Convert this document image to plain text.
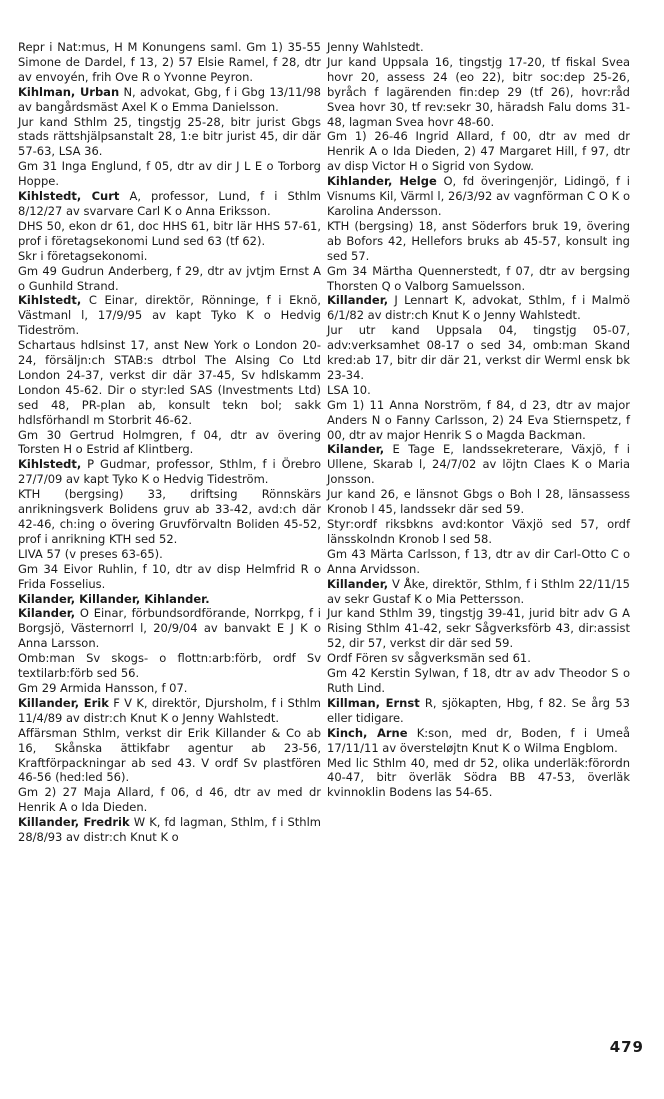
Repr i Nat:mus, H M Konungens saml. Gm 1) 35-55 Simone de Dardel, f 13, 2) 57 Elsie Ramel, f 28, dtr av envoyén, frih Ove R o Yvonne Peyron.

Kihlman, Urban N, advokat, Gbg, f i Gbg 13/11/98 av bangårdsmäst Axel K o Emma Danielsson.

Jur kand Sthlm 25, tingstjg 25-28, bitr jurist Gbgs stads rättshjälpsanstalt 28, 1:e bitr jurist 45, dir där 57-63, LSA 36.

Gm 31 Inga Englund, f 05, dtr av dir J L E o Torborg Hoppe.

Kihlstedt, Curt A, professor, Lund, f i Sthlm 8/12/27 av svarvare Carl K o Anna Eriksson.

DHS 50, ekon dr 61, doc HHS 61, bitr lär HHS 57-61, prof i företagsekonomi Lund sed 63 (tf 62).

Skr i företagsekonomi.

Gm 49 Gudrun Anderberg, f 29, dtr av jvtjm Ernst A o Gunhild Strand.

Kihlstedt, C Einar, direktör, Rönninge, f i Eknö, Västmanl l, 17/9/95 av kapt Tyko K o Hedvig Tideström.

Schartaus hdlsinst 17, anst New York o London 20-24, försäljn:ch STAB:s dtrbol The Alsing Co Ltd London 24-37, verkst dir där 37-45, Sv hdlskamm London 45-62. Dir o styr:led SAS (Investments Ltd) sed 48, PR-plan ab, konsult tekn bol; sakk hdlsförhandl m Storbrit 46-62.

Gm 30 Gertrud Holmgren, f 04, dtr av övering Torsten H o Estrid af Klintberg.

Kihlstedt, P Gudmar, professor, Sthlm, f i Örebro 27/7/09 av kapt Tyko K o Hedvig Tideström.

KTH (bergsing) 33, driftsing Rönnskärs anrikningsverk Bolidens gruv ab 33-42, avd:ch där 42-46, ch:ing o övering Gruvförvaltn Boliden 45-52, prof i anrikning KTH sed 52.

LIVA 57 (v preses 63-65).

Gm 34 Eivor Ruhlin, f 10, dtr av disp Helmfrid R o Frida Fosselius.

Kilander, Killander, Kihlander.

Kilander, O Einar, förbundsordförande, Norrkpg, f i Borgsjö, Västernorrl l, 20/9/04 av banvakt E J K o Anna Larsson.

Omb:man Sv skogs- o flottn:arb:förb, ordf Sv textilarb:förb sed 56.

Gm 29 Armida Hansson, f 07.

Killander, Erik F V K, direktör, Djursholm, f i Sthlm 11/4/89 av distr:ch Knut K o Jenny Wahlstedt.

Affärsman Sthlm, verkst dir Erik Killander & Co ab 16, Skånska ättikfabr agentur ab 23-56, Kraftförpackningar ab sed 43. V ordf Sv plastfören 46-56 (hed:led 56).

Gm 2) 27 Maja Allard, f 06, d 46, dtr av med dr Henrik A o Ida Dieden.

Killander, Fredrik W K, fd lagman, Sthlm, f i Sthlm 28/8/93 av distr:ch Knut K o

Jenny Wahlstedt.

Jur kand Uppsala 16, tingstjg 17-20, tf fiskal Svea hovr 20, assess 24 (eo 22), bitr soc:dep 25-26, byråch f lagärenden fin:dep 29 (tf 26), hovr:råd Svea hovr 30, tf rev:sekr 30, häradsh Falu doms 31-48, lagman Svea hovr 48-60.

Gm 1) 26-46 Ingrid Allard, f 00, dtr av med dr Henrik A o Ida Dieden, 2) 47 Margaret Hill, f 97, dtr av disp Victor H o Sigrid von Sydow.

Kihlander, Helge O, fd överingenjör, Lidingö, f i Visnums Kil, Värml l, 26/3/92 av vagnförman C O K o Karolina Andersson.

KTH (bergsing) 18, anst Söderfors bruk 19, övering ab Bofors 42, Hellefors bruks ab 45-57, konsult ing sed 57.

Gm 34 Märtha Quennerstedt, f 07, dtr av bergsing Thorsten Q o Valborg Samuelsson.

Killander, J Lennart K, advokat, Sthlm, f i Malmö 6/1/82 av distr:ch Knut K o Jenny Wahlstedt.

Jur utr kand Uppsala 04, tingstjg 05-07, adv:verksamhet 08-17 o sed 34, omb:man Skand kred:ab 17, bitr dir där 21, verkst dir Werml ensk bk 23-34.

LSA 10.

Gm 1) 11 Anna Norström, f 84, d 23, dtr av major Anders N o Fanny Carlsson, 2) 24 Eva Stiernspetz, f 00, dtr av major Henrik S o Magda Backman.

Kilander, E Tage E, landssekreterare, Växjö, f i Ullene, Skarab l, 24/7/02 av löjtn Claes K o Maria Jonsson.

Jur kand 26, e länsnot Gbgs o Boh l 28, länsassess Kronob l 45, landssekr där sed 59.

Styr:ordf riksbkns avd:kontor Växjö sed 57, ordf länsskolndn Kronob l sed 58.

Gm 43 Märta Carlsson, f 13, dtr av dir Carl-Otto C o Anna Arvidsson.

Killander, V Åke, direktör, Sthlm, f i Sthlm 22/11/15 av sekr Gustaf K o Mia Pettersson.

Jur kand Sthlm 39, tingstjg 39-41, jurid bitr adv G A Rising Sthlm 41-42, sekr Sågverksförb 43, dir:assist 52, dir 57, verkst dir där sed 59.

Ordf Fören sv sågverksmän sed 61.

Gm 42 Kerstin Sylwan, f 18, dtr av adv Theodor S o Ruth Lind.

Killman, Ernst R, sjökapten, Hbg, f 82. Se årg 53 eller tidigare.

Kinch, Arne K:son, med dr, Boden, f i Umeå 17/11/11 av översteløjtn Knut K o Wilma Engblom.

Med lic Sthlm 40, med dr 52, olika underläk:förordn 40-47, bitr överläk Södra BB 47-53, överläk kvinnoklin Bodens las 54-65.

479
